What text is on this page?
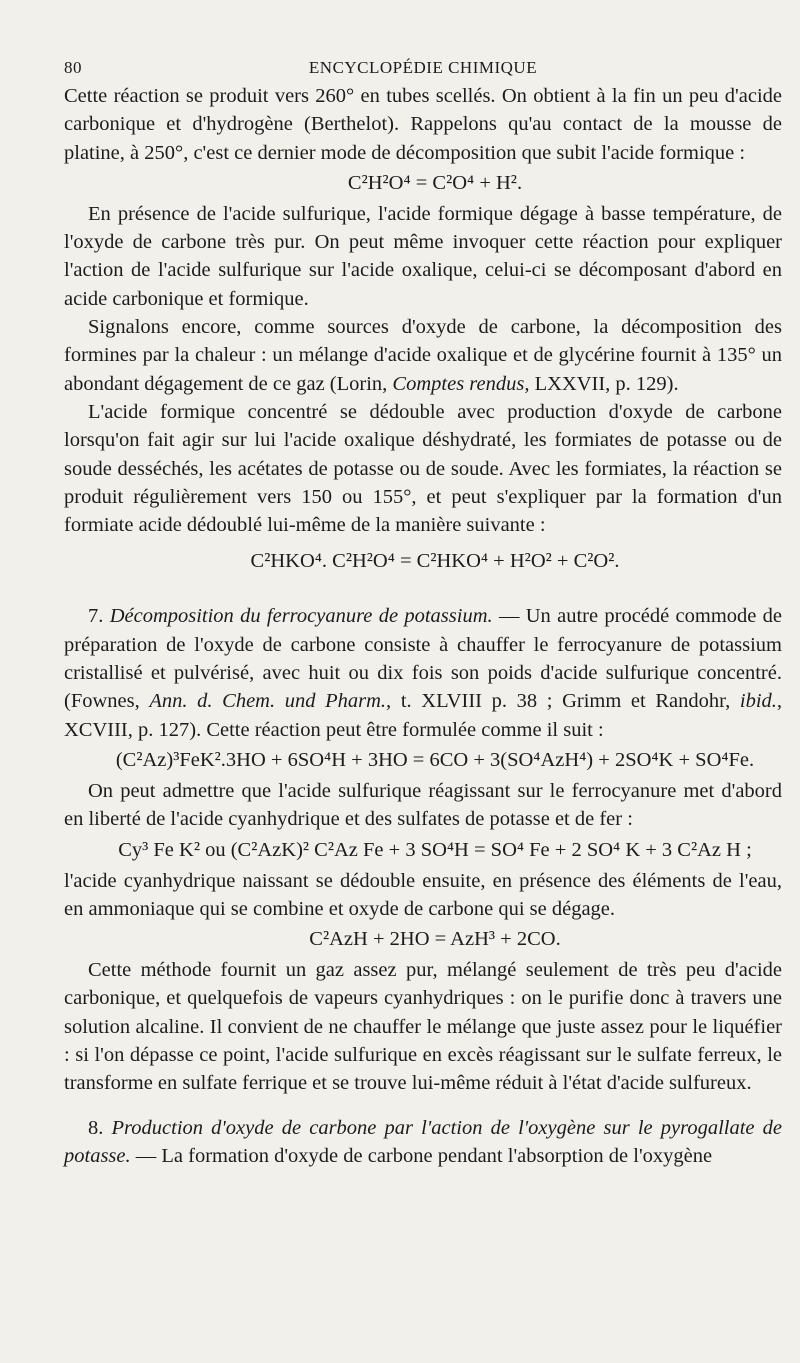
80	ENCYCLOPÉDIE CHIMIQUE

Cette réaction se produit vers 260° en tubes scellés. On obtient à la fin un peu d'acide carbonique et d'hydrogène (Berthelot). Rappelons qu'au contact de la mousse de platine, à 250°, c'est ce dernier mode de décomposition que subit l'acide formique :

C²H²O⁴ = C²O⁴ + H².

En présence de l'acide sulfurique, l'acide formique dégage à basse température, de l'oxyde de carbone très pur. On peut même invoquer cette réaction pour expliquer l'action de l'acide sulfurique sur l'acide oxalique, celui-ci se décomposant d'abord en acide carbonique et formique.

Signalons encore, comme sources d'oxyde de carbone, la décomposition des formines par la chaleur : un mélange d'acide oxalique et de glycérine fournit à 135° un abondant dégagement de ce gaz (Lorin, Comptes rendus, LXXVII, p. 129).

L'acide formique concentré se dédouble avec production d'oxyde de carbone lorsqu'on fait agir sur lui l'acide oxalique déshydraté, les formiates de potasse ou de soude desséchés, les acétates de potasse ou de soude. Avec les formiates, la réaction se produit régulièrement vers 150 ou 155°, et peut s'expliquer par la formation d'un formiate acide dédoublé lui-même de la manière suivante :

C²HKO⁴. C²H²O⁴ = C²HKO⁴ + H²O² + C²O².

7. Décomposition du ferrocyanure de potassium. — Un autre procédé commode de préparation de l'oxyde de carbone consiste à chauffer le ferrocyanure de potassium cristallisé et pulvérisé, avec huit ou dix fois son poids d'acide sulfurique concentré. (Fownes, Ann. d. Chem. und Pharm., t. XLVIII p. 38 ; Grimm et Randohr, ibid., XCVIII, p. 127). Cette réaction peut être formulée comme il suit :

(C²Az)³FeK².3HO + 6SO⁴H + 3HO = 6CO + 3(SO⁴AzH⁴) + 2SO⁴K + SO⁴Fe.

On peut admettre que l'acide sulfurique réagissant sur le ferrocyanure met d'abord en liberté de l'acide cyanhydrique et des sulfates de potasse et de fer :

Cy³ Fe K² ou (C²AzK)² C²Az Fe + 3 SO⁴H = SO⁴ Fe + 2 SO⁴ K + 3 C²Az H ;

l'acide cyanhydrique naissant se dédouble ensuite, en présence des éléments de l'eau, en ammoniaque qui se combine et oxyde de carbone qui se dégage.

C²AzH + 2HO = AzH³ + 2CO.

Cette méthode fournit un gaz assez pur, mélangé seulement de très peu d'acide carbonique, et quelquefois de vapeurs cyanhydriques : on le purifie donc à travers une solution alcaline. Il convient de ne chauffer le mélange que juste assez pour le liquéfier : si l'on dépasse ce point, l'acide sulfurique en excès réagissant sur le sulfate ferreux, le transforme en sulfate ferrique et se trouve lui-même réduit à l'état d'acide sulfureux.

8. Production d'oxyde de carbone par l'action de l'oxygène sur le pyrogallate de potasse. — La formation d'oxyde de carbone pendant l'absorption de l'oxygène
